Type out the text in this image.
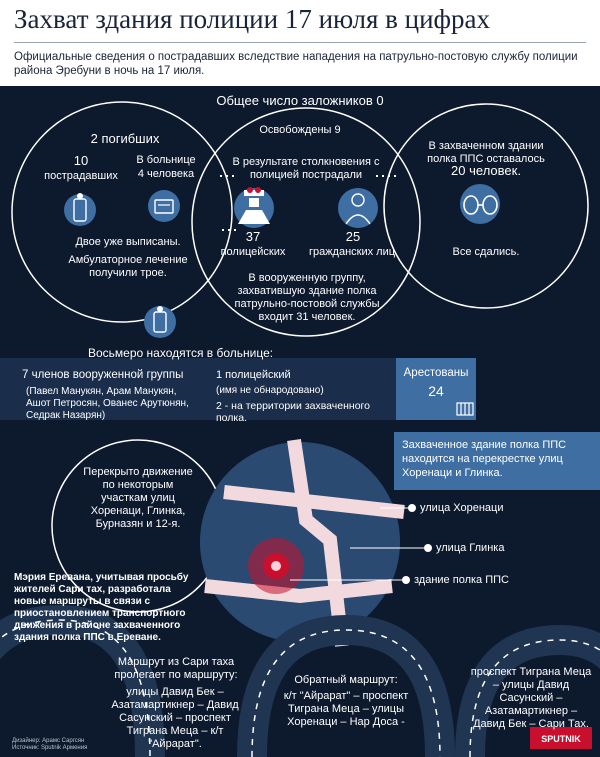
Захват здания полиции 17 июля в цифрах
Официальные сведения о пострадавших вследствие нападения на патрульно-постовую службу полиции района Эребуни в ночь на 17 июля.
Общее число заложников 0
Освобождены 9
2 погибших
10
пострадавших
В больнице
4 человека
Двое уже выписаны.
Амбулаторное лечение получили трое.
В результате столкновения с полицией пострадали
37
полицейских
25
гражданских лиц
В вооруженную группу, захватившую здание полка патрульно-постовой службы входит 31 человек.
В захваченном здании полка ППС оставалось
20 человек.
Все сдались.
Восьмеро находятся в больнице:
7 членов вооруженной группы
(Павел Манукян, Арам Манукян, Ашот Петросян, Ованес Арутюнян, Седрак Назарян)
1 полицейский
(имя не обнародовано)
2 - на территории захваченного полка.
Арестованы
24
Перекрыто движение по некоторым участкам улиц Хоренаци, Глинка, Бурназян и 12-я.
Захваченное здание полка ППС находится на перекрестке улиц Хоренаци и Глинка.
улица Хоренаци
улица Глинка
здание полка ППС
Мэрия Еревана, учитывая просьбу жителей Сари тах, разработала новые маршруты в связи с приостановлением транспортного движения в районе захваченного здания полка ППС в Ереване.
Маршрут из Сари таха пролегает по маршруту:
улицы Давид Бек – Азатамартикнер – Давид Сасунский – проспект Тиграна Меца – к/т "Айрарат".
Обратный маршрут:
к/т "Айрарат" – проспект Тиграна Меца – улицы Хоренаци – Нар Доса -
проспект Тиграна Меца – улицы Давид Сасунский – Азатамартикнер – Давид Бек – Сари Тах.
Дизайнер: Арамс Саргсян
Источник: Sputnik Армения
SPUTNIK
